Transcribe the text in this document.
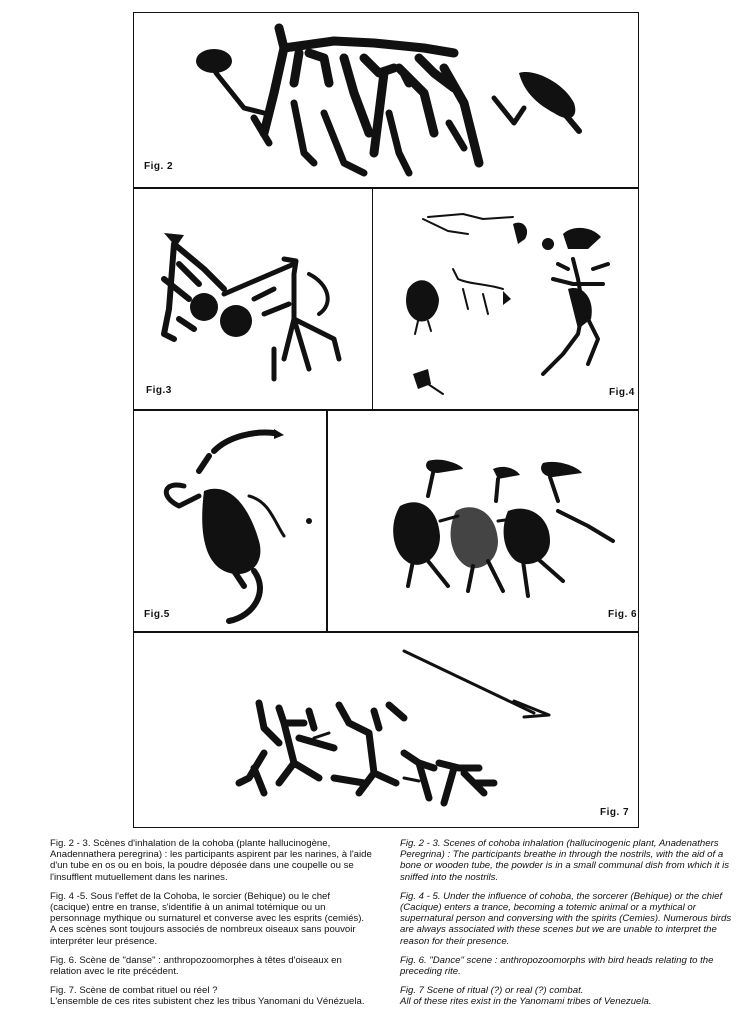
Fig. 2
Fig.3	Fig.4
Fig.5	Fig. 6
Fig. 7

Fig. 2 - 3. Scènes d'inhalation de la cohoba (plante hallucinogène, Anadennathera peregrina) : les participants aspirent par les narines, à l'aide d'un tube en os ou en bois, la poudre déposée dans une coupelle ou se l'insufflent mutuellement dans les narines.

Fig. 4 -5. Sous l'effet de la Cohoba, le sorcier (Behique) ou le chef (cacique) entre en transe, s'identifie à un animal totémique ou un personnage mythique ou surnaturel et converse avec les esprits (cemiés). A ces scènes sont toujours associés de nombreux oiseaux sans pouvoir interpréter leur présence.

Fig. 6. Scène de "danse" : anthropozoomorphes à têtes d'oiseaux en relation avec le rite précédent.

Fig. 7. Scène de combat rituel ou réel ?

L'ensemble de ces rites subistent chez les tribus Yanomani du Vénézuela.

Fig. 2 - 3. Scenes of cohoba inhalation (hallucinogenic plant, Anadenathers Peregrina) : The participants breathe in through the nostrils, with the aid of a bone or wooden tube, the powder is in a small communal dish from which it is sniffed into the nostrils.

Fig. 4 - 5. Under the influence of cohoba, the sorcerer (Behique) or the chief (Cacique) enters a trance, becoming a totemic animal or a mythical or supernatural person and conversing with the spirits (Cemies). Numerous birds are always associated with these scenes but we are unable to interpret the reason for their presence.

Fig. 6. "Dance" scene : anthropozoomorphs with bird heads relating to the preceding rite.

Fig. 7 Scene of ritual (?) or real (?) combat.

All of these rites exist in the Yanomami tribes of Venezuela.
